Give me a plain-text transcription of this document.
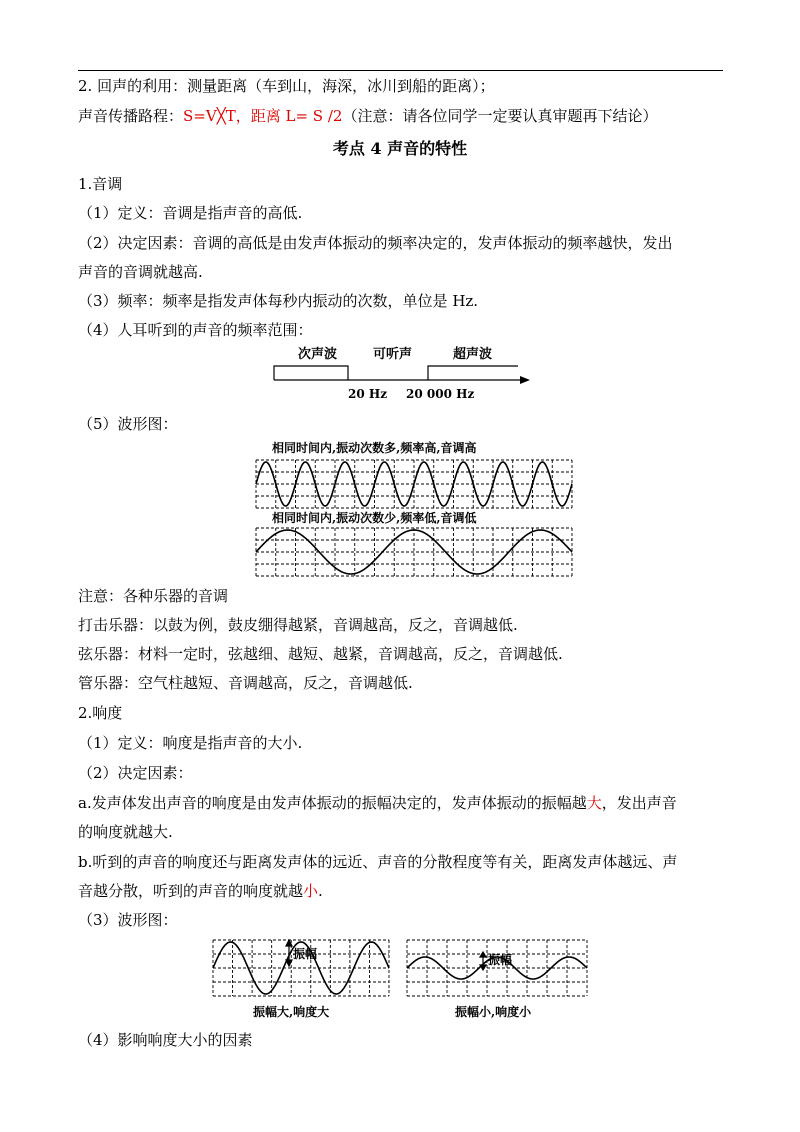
2. 回声的利用：测量距离（车到山，海深，冰川到船的距离）；
声音传播路程：S=V╳T，距离 L= S /2（注意：请各位同学一定要认真审题再下结论）
考点 4 声音的特性
1.音调
（1）定义：音调是指声音的高低.
（2）决定因素：音调的高低是由发声体振动的频率决定的，发声体振动的频率越快，发出
声音的音调就越高.
（3）频率：频率是指发声体每秒内振动的次数，单位是 Hz.
（4）人耳听到的声音的频率范围：
次声波	可听声	超声波
20 Hz 20 000 Hz
（5）波形图：
相同时间内,振动次数多,频率高,音调高
相同时间内,振动次数少,频率低,音调低
注意：各种乐器的音调
打击乐器：以鼓为例，鼓皮绷得越紧，音调越高，反之，音调越低.
弦乐器：材料一定时，弦越细、越短、越紧，音调越高，反之，音调越低.
管乐器：空气柱越短、音调越高，反之，音调越低.
2.响度
（1）定义：响度是指声音的大小.
（2）决定因素：
a.发声体发出声音的响度是由发声体振动的振幅决定的，发声体振动的振幅越大，发出声音
的响度就越大.
b.听到的声音的响度还与距离发声体的远近、声音的分散程度等有关，距离发声体越远、声
音越分散，听到的声音的响度就越小.
（3）波形图：
振幅	振幅
振幅大,响度大	振幅小,响度小
（4）影响响度大小的因素
